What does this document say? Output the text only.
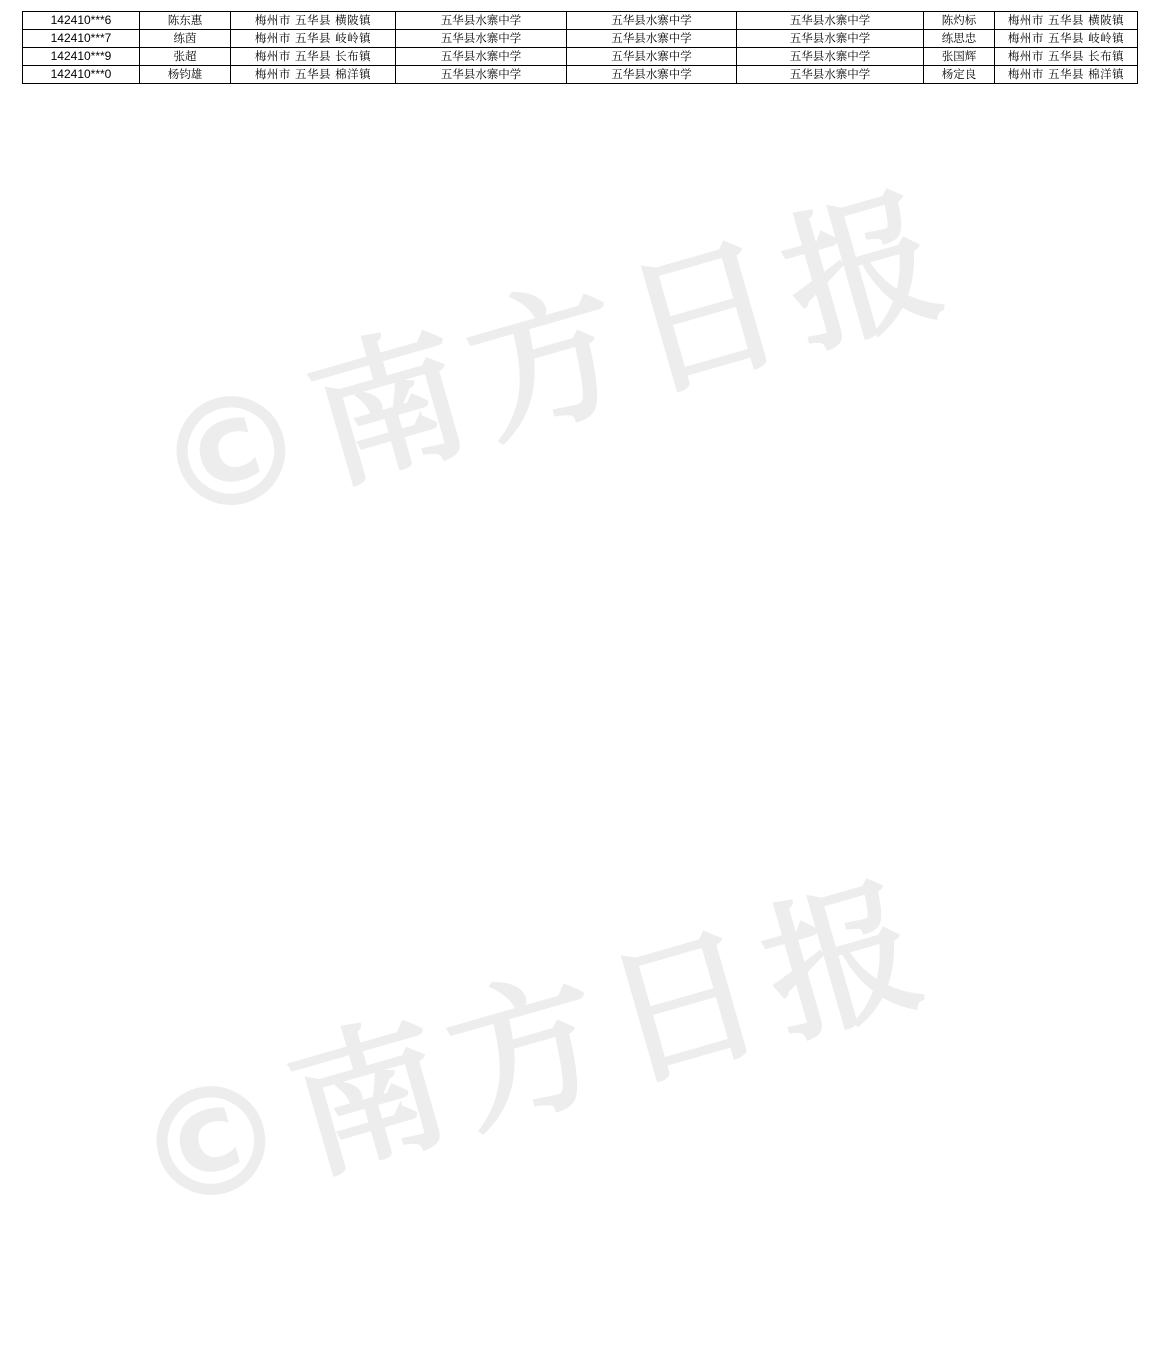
©南方日报
©南方日报
142410***6	陈东惠	梅州市 五华县 横陂镇	五华县水寨中学	五华县水寨中学	五华县水寨中学	陈灼标	梅州市 五华县 横陂镇
142410***7	练茵	梅州市 五华县 岐岭镇	五华县水寨中学	五华县水寨中学	五华县水寨中学	练思忠	梅州市 五华县 岐岭镇
142410***9	张超	梅州市 五华县 长布镇	五华县水寨中学	五华县水寨中学	五华县水寨中学	张国辉	梅州市 五华县 长布镇
142410***0	杨钧雄	梅州市 五华县 棉洋镇	五华县水寨中学	五华县水寨中学	五华县水寨中学	杨定良	梅州市 五华县 棉洋镇
